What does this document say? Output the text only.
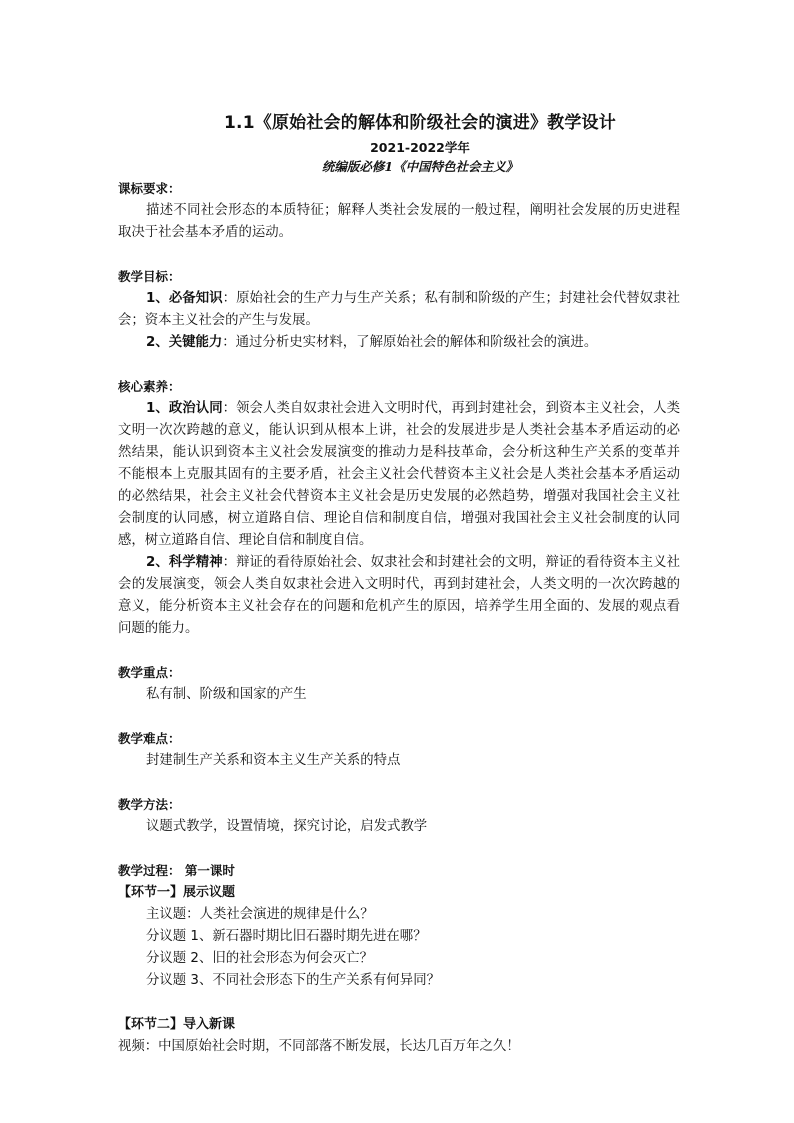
1.1《原始社会的解体和阶级社会的演进》教学设计
2021-2022学年
统编版必修1《中国特色社会主义》
课标要求：
描述不同社会形态的本质特征；解释人类社会发展的一般过程，阐明社会发展的历史进程取决于社会基本矛盾的运动。
教学目标：
1、必备知识：原始社会的生产力与生产关系；私有制和阶级的产生；封建社会代替奴隶社会；资本主义社会的产生与发展。
2、关键能力：通过分析史实材料，了解原始社会的解体和阶级社会的演进。
核心素养：
1、政治认同：领会人类自奴隶社会进入文明时代，再到封建社会，到资本主义社会，人类文明一次次跨越的意义，能认识到从根本上讲，社会的发展进步是人类社会基本矛盾运动的必然结果，能认识到资本主义社会发展演变的推动力是科技革命，会分析这种生产关系的变革并不能根本上克服其固有的主要矛盾，社会主义社会代替资本主义社会是人类社会基本矛盾运动的必然结果，社会主义社会代替资本主义社会是历史发展的必然趋势，增强对我国社会主义社会制度的认同感，树立道路自信、理论自信和制度自信，增强对我国社会主义社会制度的认同感，树立道路自信、理论自信和制度自信。
2、科学精神：辩证的看待原始社会、奴隶社会和封建社会的文明，辩证的看待资本主义社会的发展演变，领会人类自奴隶社会进入文明时代，再到封建社会，人类文明的一次次跨越的意义，能分析资本主义社会存在的问题和危机产生的原因，培养学生用全面的、发展的观点看问题的能力。
教学重点：
私有制、阶级和国家的产生
教学难点：
封建制生产关系和资本主义生产关系的特点
教学方法：
议题式教学，设置情境，探究讨论，启发式教学
教学过程： 第一课时
【环节一】展示议题
主议题：人类社会演进的规律是什么？
分议题 1、新石器时期比旧石器时期先进在哪？
分议题 2、旧的社会形态为何会灭亡？
分议题 3、不同社会形态下的生产关系有何异同？
【环节二】导入新课
视频：中国原始社会时期，不同部落不断发展，长达几百万年之久！
